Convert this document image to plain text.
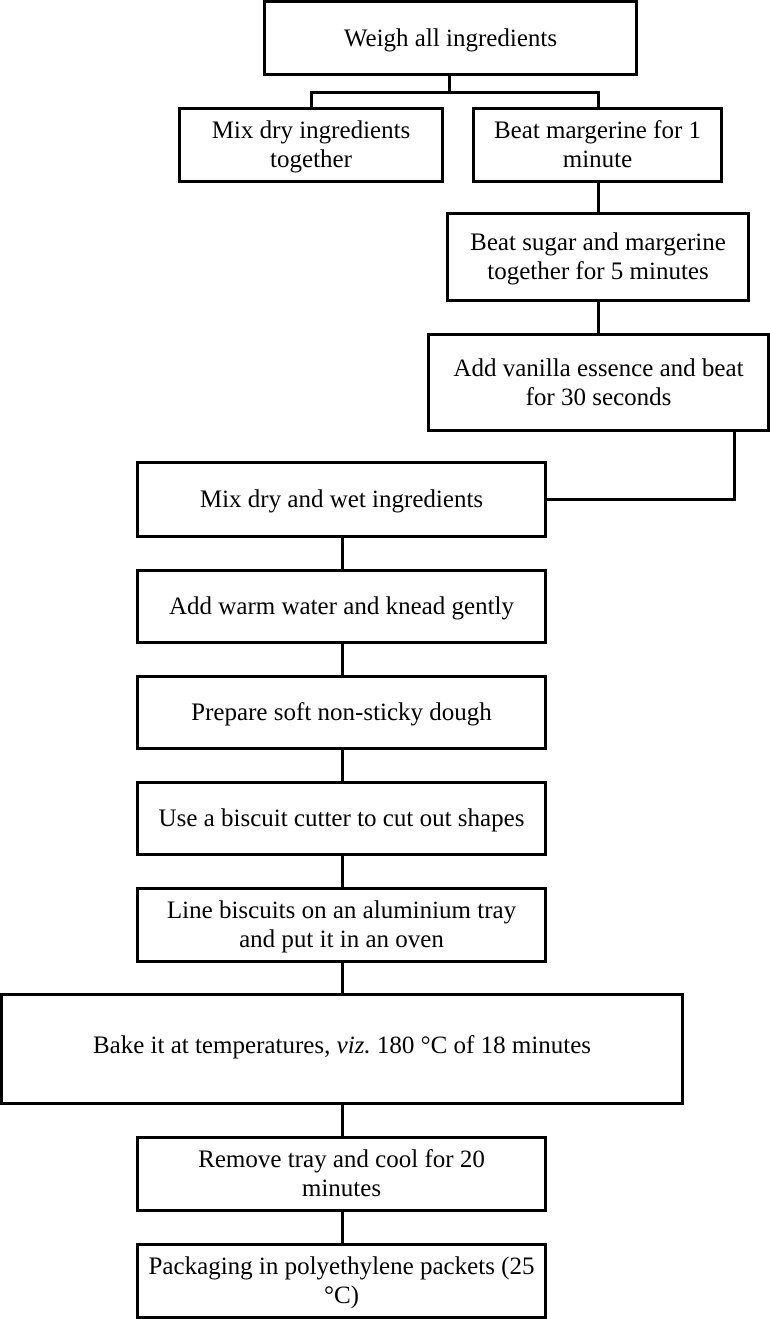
Weigh all ingredients
Mix dry ingredients together
Beat margerine for 1 minute
Beat sugar and margerine together for 5 minutes
Add vanilla essence and beat for 30 seconds
Mix dry and wet ingredients
Add warm water and knead gently
Prepare soft non-sticky dough
Use a biscuit cutter to cut out shapes
Line biscuits on an aluminium tray and put it in an oven
Bake it at temperatures, viz. 180 °C of 18 minutes
Remove tray and cool for 20 minutes
Packaging in polyethylene packets (25 °C)
